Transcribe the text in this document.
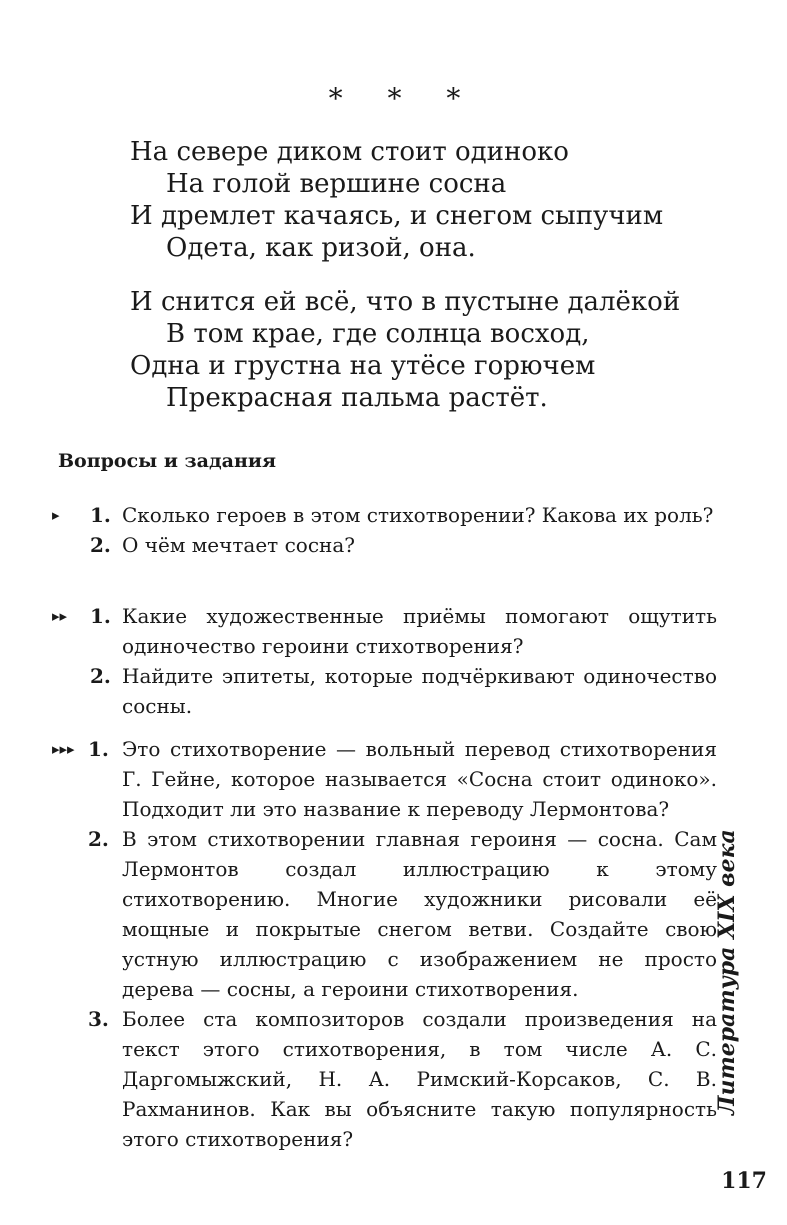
* * *
На севере диком стоит одиноко
На голой вершине сосна
И дремлет качаясь, и снегом сыпучим
Одета, как ризой, она.
И снится ей всё, что в пустыне далёкой
В том крае, где солнца восход,
Одна и грустна на утёсе горючем
Прекрасная пальма растёт.
Вопросы и задания
▸ 1. Сколько героев в этом стихотворении? Какова их роль?
2. О чём мечтает сосна?
▸▸ 1. Какие художественные приёмы помогают ощутить одиночество героини стихотворения?
2. Найдите эпитеты, которые подчёркивают одиночество сосны.
▸▸▸ 1. Это стихотворение — вольный перевод стихотворения Г. Гейне, которое называется «Сосна стоит одиноко». Подходит ли это название к переводу Лермонтова?
2. В этом стихотворении главная героиня — сосна. Сам Лермонтов создал иллюстрацию к этому стихотворению. Многие художники рисовали её мощные и покрытые снегом ветви. Создайте свою устную иллюстрацию с изображением не просто дерева — сосны, а героини стихотворения.
3. Более ста композиторов создали произведения на текст этого стихотворения, в том числе А. С. Даргомыжский, Н. А. Римский-Корсаков, С. В. Рахманинов. Как вы объясните такую популярность этого стихотворения?
Литература XIX века
117
